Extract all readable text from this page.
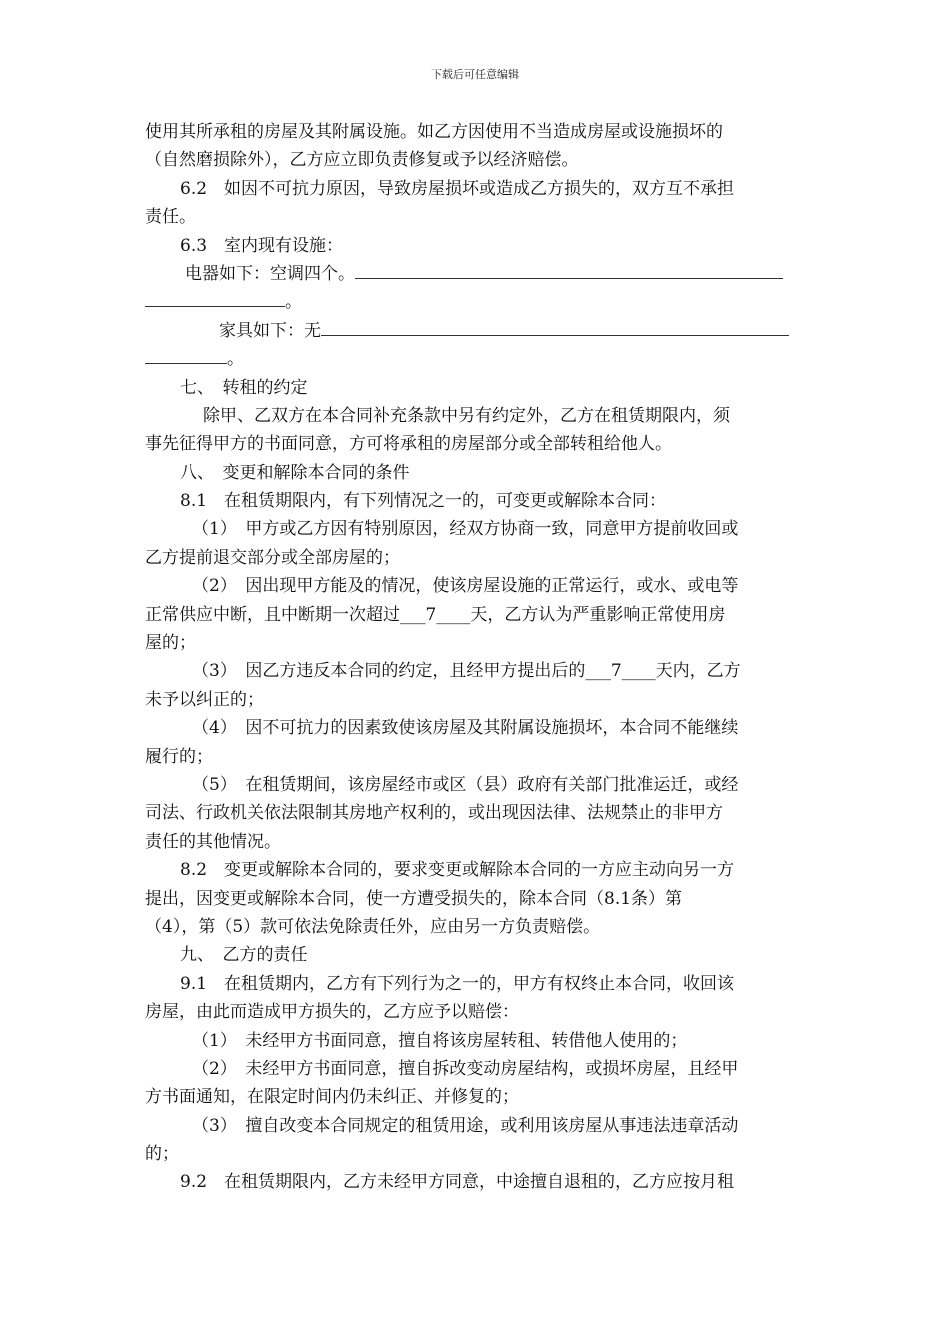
下载后可任意编辑
使用其所承租的房屋及其附属设施。如乙方因使用不当造成房屋或设施损坏的
（自然磨损除外），乙方应立即负责修复或予以经济赔偿。
6.2　如因不可抗力原因，导致房屋损坏或造成乙方损失的，双方互不承担
责任。
6.3　室内现有设施：
电器如下：空调四个。
。
家具如下：无
。
七、　转租的约定
除甲、乙双方在本合同补充条款中另有约定外，乙方在租赁期限内，须
事先征得甲方的书面同意，方可将承租的房屋部分或全部转租给他人。
八、　变更和解除本合同的条件
8.1　在租赁期限内，有下列情况之一的，可变更或解除本合同：
（1）　甲方或乙方因有特别原因，经双方协商一致，同意甲方提前收回或
乙方提前退交部分或全部房屋的；
（2）　因出现甲方能及的情况，使该房屋设施的正常运行，或水、或电等
正常供应中断，且中断期一次超过___7____天，乙方认为严重影响正常使用房
屋的；
（3）　因乙方违反本合同的约定，且经甲方提出后的___7____天内，乙方
未予以纠正的；
（4）　因不可抗力的因素致使该房屋及其附属设施损坏，本合同不能继续
履行的；
（5）　在租赁期间，该房屋经市或区（县）政府有关部门批准运迁，或经
司法、行政机关依法限制其房地产权利的，或出现因法律、法规禁止的非甲方
责任的其他情况。
8.2　变更或解除本合同的，要求变更或解除本合同的一方应主动向另一方
提出，因变更或解除本合同，使一方遭受损失的，除本合同（8.1条）第
（4），第（5）款可依法免除责任外，应由另一方负责赔偿。
九、　乙方的责任
9.1　在租赁期内，乙方有下列行为之一的，甲方有权终止本合同，收回该
房屋，由此而造成甲方损失的，乙方应予以赔偿：
（1）　未经甲方书面同意，擅自将该房屋转租、转借他人使用的；
（2）　未经甲方书面同意，擅自拆改变动房屋结构，或损坏房屋，且经甲
方书面通知，在限定时间内仍未纠正、并修复的；
（3）　擅自改变本合同规定的租赁用途，或利用该房屋从事违法违章活动
的；
9.2　在租赁期限内，乙方未经甲方同意，中途擅自退租的，乙方应按月租
